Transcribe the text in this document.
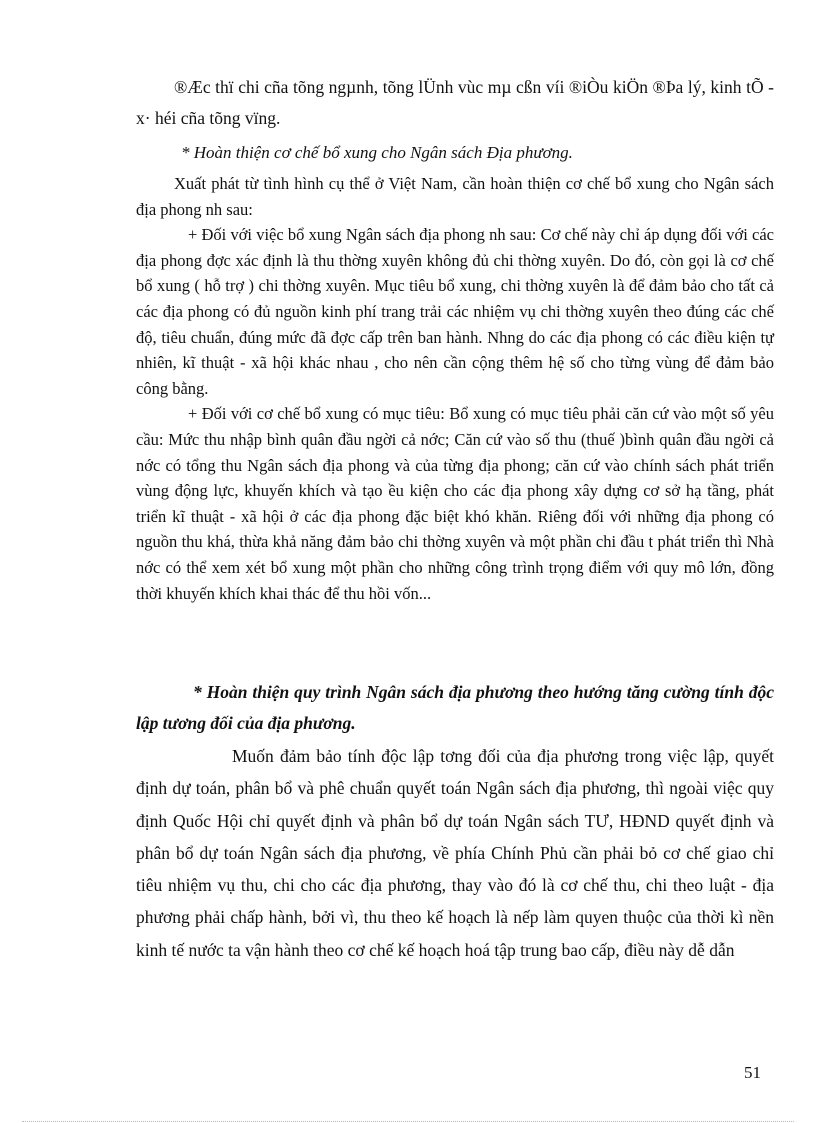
®Æc thï chi cña tõng ngµnh, tõng lÜnh vùc mµ cßn víi ®iÒu kiÖn ®Þa lý, kinh tÕ - x· héi cña tõng vïng.

* Hoàn thiện cơ chế bổ xung cho Ngân sách Địa phương.

Xuất phát từ tình hình cụ thể ở Việt Nam, cần hoàn thiện cơ chế bổ xung cho Ngân sách địa phong nh sau:

+ Đối với việc bổ xung Ngân sách địa phong nh sau: Cơ chế này chỉ áp dụng đối với các địa phong đợc xác định là thu thờng xuyên không đủ chi thờng xuyên. Do đó, còn gọi là cơ chế bổ xung ( hỗ trợ ) chi thờng xuyên. Mục tiêu bổ xung, chi thờng xuyên là để đảm bảo cho tất cả các địa phong có đủ nguồn kinh phí trang trải các nhiệm vụ chi thờng xuyên theo đúng các chế độ, tiêu chuẩn, đúng mức đã đợc cấp trên ban hành. Nhng do các địa phong có các điều kiện tự nhiên, kĩ thuật - xã hội khác nhau , cho nên cần cộng thêm hệ số cho từng vùng để đảm bảo công bằng.

+ Đối với cơ chế bổ xung có mục tiêu: Bổ xung có mục tiêu phải căn cứ vào một số yêu cầu: Mức thu nhập bình quân đầu ngời cả nớc; Căn cứ vào số thu (thuế )bình quân đầu ngời cả nớc có tổng thu Ngân sách địa phong và của từng địa phong; căn cứ vào chính sách phát triển vùng động lực, khuyến khích và tạo ều kiện cho các địa phong xây dựng cơ sở hạ tầng, phát triển kĩ thuật - xã hội ở các địa phong đặc biệt khó khăn. Riêng đối với những địa phong có nguồn thu khá, thừa khả năng đảm bảo chi thờng xuyên và một phần chi đầu t phát triển thì Nhà nớc có thể xem xét bổ xung một phần cho những công trình trọng điểm với quy mô lớn, đồng thời khuyến khích khai thác để thu hồi vốn...

* Hoàn thiện quy trình Ngân sách địa phương theo hướng tăng cường tính độc lập tương đối của địa phương.

Muốn đảm bảo tính độc lập tơng đối của địa phương trong việc lập, quyết định dự toán, phân bổ và phê chuẩn quyết toán Ngân sách địa phương, thì ngoài việc quy định Quốc Hội chỉ quyết định và phân bổ dự toán Ngân sách TƯ, HĐND quyết định và phân bổ dự toán Ngân sách địa phương, về phía Chính Phủ cần phải bỏ cơ chế giao chỉ tiêu nhiệm vụ thu, chi cho các địa phương, thay vào đó là cơ chế thu, chi theo luật - địa phương phải chấp hành, bởi vì, thu theo kế hoạch là nếp làm quyen thuộc của thời kì nền kinh tế nước ta vận hành theo cơ chế kế hoạch hoá tập trung bao cấp, điều này dễ dẫn

51
